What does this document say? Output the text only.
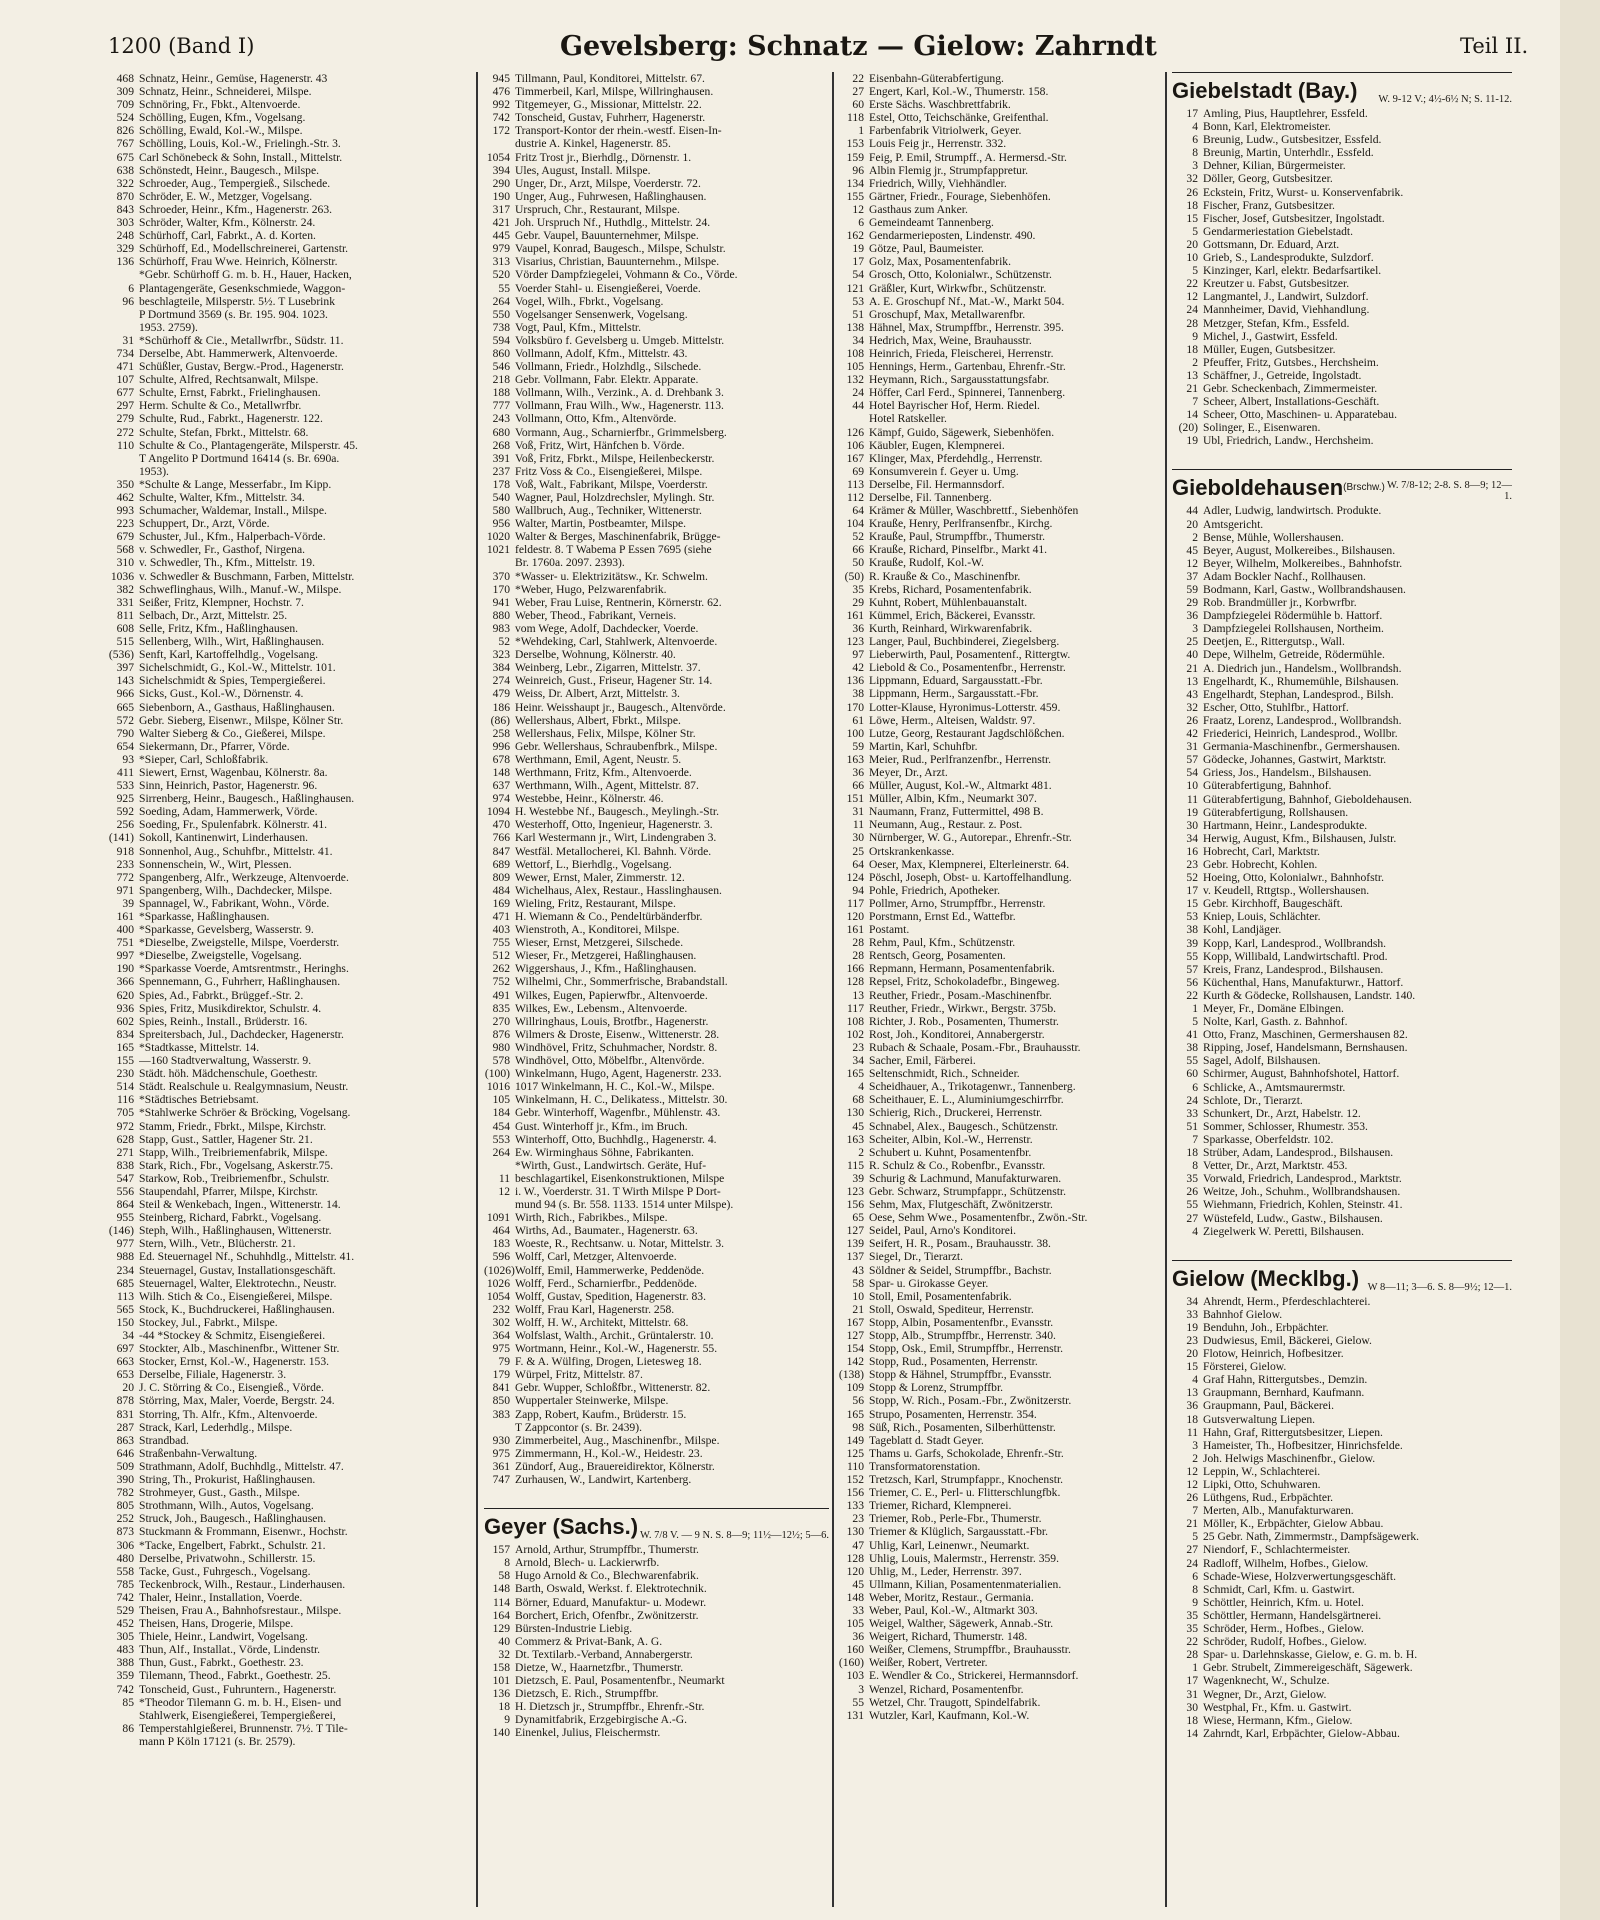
1200 (Band I)	Gevelsberg: Schnatz — Gielow: Zahrndt	Teil II.
468 Schnatz, Heinr., Gemüse, Hagenerstr. 43
309 Schnatz, Heinr., Schneiderei, Milspe.
709 Schnöring, Fr., Fbkt., Altenvoerde.
524 Schölling, Eugen, Kfm., Vogelsang.
826 Schölling, Ewald, Kol.-W., Milspe.
767 Schölling, Louis, Kol.-W., Frielingh.-Str. 3.
675 Carl Schönebeck & Sohn, Install., Mittelstr.
638 Schönstedt, Heinr., Baugesch., Milspe.
322 Schroeder, Aug., Tempergieß., Silschede.
870 Schröder, E. W., Metzger, Vogelsang.
843 Schroeder, Heinr., Kfm., Hagenerstr. 263.
303 Schröder, Walter, Kfm., Kölnerstr. 24.
248 Schürhoff, Carl, Fabrkt., A. d. Korten.
329 Schürhoff, Ed., Modellschreinerei, Gartenstr.
136 Schürhoff, Frau Wwe. Heinrich, Kölnerstr.
*Gebr. Schürhoff G. m. b. H., Hauer, Hacken,
6 Plantagengeräte, Gesenkschmiede, Waggon-
96 beschlagteile, Milsperstr. 5½. T Lusebrink
P Dortmund 3569 (s. Br. 195. 904. 1023.
1953. 2759).
31 *Schürhoff & Cie., Metallwrfbr., Südstr. 11.
734 Derselbe, Abt. Hammerwerk, Altenvoerde.
471 Schüßler, Gustav, Bergw.-Prod., Hagenerstr.
107 Schulte, Alfred, Rechtsanwalt, Milspe.
677 Schulte, Ernst, Fabrkt., Frielinghausen.
297 Herm. Schulte & Co., Metallwrfbr.
279 Schulte, Rud., Fabrkt., Hagenerstr. 122.
272 Schulte, Stefan, Fbrkt., Mittelstr. 68.
110 Schulte & Co., Plantagengeräte, Milsperstr. 45.
T Angelito P Dortmund 16414 (s. Br. 690a.
1953).
350 *Schulte & Lange, Messerfabr., Im Kipp.
462 Schulte, Walter, Kfm., Mittelstr. 34.
993 Schumacher, Waldemar, Install., Milspe.
223 Schuppert, Dr., Arzt, Vörde.
679 Schuster, Jul., Kfm., Halperbach-Vörde.
568 v. Schwedler, Fr., Gasthof, Nirgena.
310 v. Schwedler, Th., Kfm., Mittelstr. 19.
1036 v. Schwedler & Buschmann, Farben, Mittelstr.
382 Schweflinghaus, Wilh., Manuf.-W., Milspe.
331 Seißer, Fritz, Klempner, Hochstr. 7.
811 Selbach, Dr., Arzt, Mittelstr. 25.
608 Selle, Fritz, Kfm., Haßlinghausen.
515 Sellenberg, Wilh., Wirt, Haßlinghausen.
(536) Senft, Karl, Kartoffelhdlg., Vogelsang.
397 Sichelschmidt, G., Kol.-W., Mittelstr. 101.
143 Sichelschmidt & Spies, Tempergießerei.
966 Sicks, Gust., Kol.-W., Dörnenstr. 4.
665 Siebenborn, A., Gasthaus, Haßlinghausen.
572 Gebr. Sieberg, Eisenwr., Milspe, Kölner Str.
790 Walter Sieberg & Co., Gießerei, Milspe.
654 Siekermann, Dr., Pfarrer, Vörde.
93 *Sieper, Carl, Schloßfabrik.
411 Siewert, Ernst, Wagenbau, Kölnerstr. 8a.
533 Sinn, Heinrich, Pastor, Hagenerstr. 96.
925 Sirrenberg, Heinr., Baugesch., Haßlinghausen.
592 Soeding, Adam, Hammerwerk, Vörde.
256 Soeding, Fr., Spulenfabrk. Kölnerstr. 41.
(141) Sokoll, Kantinenwirt, Linderhausen.
918 Sonnenhol, Aug., Schuhfbr., Mittelstr. 41.
233 Sonnenschein, W., Wirt, Plessen.
772 Spangenberg, Alfr., Werkzeuge, Altenvoerde.
971 Spangenberg, Wilh., Dachdecker, Milspe.
39 Spannagel, W., Fabrikant, Wohn., Vörde.
161 *Sparkasse, Haßlinghausen.
400 *Sparkasse, Gevelsberg, Wasserstr. 9.
751 *Dieselbe, Zweigstelle, Milspe, Voerderstr.
997 *Dieselbe, Zweigstelle, Vogelsang.
190 *Sparkasse Voerde, Amtsrentmstr., Heringhs.
366 Spennemann, G., Fuhrherr, Haßlinghausen.
620 Spies, Ad., Fabrkt., Brüggef.-Str. 2.
936 Spies, Fritz, Musikdirektor, Schulstr. 4.
602 Spies, Reinh., Install., Brüderstr. 16.
834 Spreitersbach, Jul., Dachdecker, Hagenerstr.
165 *Stadtkasse, Mittelstr. 14.
155 —160 Stadtverwaltung, Wasserstr. 9.
230 Städt. höh. Mädchenschule, Goethestr.
514 Städt. Realschule u. Realgymnasium, Neustr.
116 *Städtisches Betriebsamt.
705 *Stahlwerke Schröer & Bröcking, Vogelsang.
972 Stamm, Friedr., Fbrkt., Milspe, Kirchstr.
628 Stapp, Gust., Sattler, Hagener Str. 21.
271 Stapp, Wilh., Treibriemenfabrik, Milspe.
838 Stark, Rich., Fbr., Vogelsang, Askerstr.75.
547 Starkow, Rob., Treibriemenfbr., Schulstr.
556 Staupendahl, Pfarrer, Milspe, Kirchstr.
864 Steil & Wenkebach, Ingen., Wittenerstr. 14.
955 Steinberg, Richard, Fabrkt., Vogelsang.
(146) Steph, Wilh., Haßlinghausen, Wittenerstr.
977 Stern, Wilh., Vetr., Blücherstr. 21.
988 Ed. Steuernagel Nf., Schuhhdlg., Mittelstr. 41.
234 Steuernagel, Gustav, Installationsgeschäft.
685 Steuernagel, Walter, Elektrotechn., Neustr.
113 Wilh. Stich & Co., Eisengießerei, Milspe.
565 Stock, K., Buchdruckerei, Haßlinghausen.
150 Stockey, Jul., Fabrkt., Milspe.
34 -44 *Stockey & Schmitz, Eisengießerei.
697 Stockter, Alb., Maschinenfbr., Wittener Str.
663 Stocker, Ernst, Kol.-W., Hagenerstr. 153.
653 Derselbe, Filiale, Hagenerstr. 3.
20 J. C. Störring & Co., Eisengieß., Vörde.
878 Störring, Max, Maler, Voerde, Bergstr. 24.
831 Storring, Th. Alfr., Kfm., Altenvoerde.
287 Strack, Karl, Lederhdlg., Milspe.
863 Strandbad.
646 Straßenbahn-Verwaltung.
509 Strathmann, Adolf, Buchhdlg., Mittelstr. 47.
390 String, Th., Prokurist, Haßlinghausen.
782 Strohmeyer, Gust., Gasth., Milspe.
805 Strothmann, Wilh., Autos, Vogelsang.
252 Struck, Joh., Baugesch., Haßlinghausen.
873 Stuckmann & Frommann, Eisenwr., Hochstr.
306 *Tacke, Engelbert, Fabrkt., Schulstr. 21.
480 Derselbe, Privatwohn., Schillerstr. 15.
558 Tacke, Gust., Fuhrgesch., Vogelsang.
785 Teckenbrock, Wilh., Restaur., Linderhausen.
742 Thaler, Heinr., Installation, Voerde.
529 Theisen, Frau A., Bahnhofsrestaur., Milspe.
452 Theisen, Hans, Drogerie, Milspe.
305 Thiele, Heinr., Landwirt, Vogelsang.
483 Thun, Alf., Installat., Vörde, Lindenstr.
388 Thun, Gust., Fabrkt., Goethestr. 23.
359 Tilemann, Theod., Fabrkt., Goethestr. 25.
742 Tonscheid, Gust., Fuhruntern., Hagenerstr.
85 *Theodor Tilemann G. m. b. H., Eisen- und
Stahlwerk, Eisengießerei, Tempergießerei,
86 Temperstahlgießerei, Brunnenstr. 7½. T Tile-
mann P Köln 17121 (s. Br. 2579).
945 Tillmann, Paul, Konditorei, Mittelstr. 67.
476 Timmerbeil, Karl, Milspe, Willringhausen.
992 Titgemeyer, G., Missionar, Mittelstr. 22.
742 Tonscheid, Gustav, Fuhrherr, Hagenerstr.
172 Transport-Kontor der rhein.-westf. Eisen-In-
dustrie A. Kinkel, Hagenerstr. 85.
1054 Fritz Trost jr., Bierhdlg., Dörnenstr. 1.
394 Ules, August, Install. Milspe.
290 Unger, Dr., Arzt, Milspe, Voerderstr. 72.
190 Unger, Aug., Fuhrwesen, Haßlinghausen.
317 Urspruch, Chr., Restaurant, Milspe.
421 Joh. Urspruch Nf., Huthdlg., Mittelstr. 24.
445 Gebr. Vaupel, Bauunternehmer, Milspe.
979 Vaupel, Konrad, Baugesch., Milspe, Schulstr.
313 Visarius, Christian, Bauunternehm., Milspe.
520 Vörder Dampfziegelei, Vohmann & Co., Vörde.
55 Voerder Stahl- u. Eisengießerei, Voerde.
264 Vogel, Wilh., Fbrkt., Vogelsang.
550 Vogelsanger Sensenwerk, Vogelsang.
738 Vogt, Paul, Kfm., Mittelstr.
594 Volksbüro f. Gevelsberg u. Umgeb. Mittelstr.
860 Vollmann, Adolf, Kfm., Mittelstr. 43.
546 Vollmann, Friedr., Holzhdlg., Silschede.
218 Gebr. Vollmann, Fabr. Elektr. Apparate.
188 Vollmann, Wilh., Verzink., A. d. Drehbank 3.
777 Vollmann, Frau Wilh., Ww., Hagenerstr. 113.
243 Vollmann, Otto, Kfm., Altenvörde.
680 Vormann, Aug., Scharnierfbr., Grimmelsberg.
268 Voß, Fritz, Wirt, Hänfchen b. Vörde.
391 Voß, Fritz, Fbrkt., Milspe, Heilenbeckerstr.
237 Fritz Voss & Co., Eisengießerei, Milspe.
178 Voß, Walt., Fabrikant, Milspe, Voerderstr.
540 Wagner, Paul, Holzdrechsler, Mylingh. Str.
580 Wallbruch, Aug., Techniker, Wittenerstr.
956 Walter, Martin, Postbeamter, Milspe.
1020 Walter & Berges, Maschinenfabrik, Brügge-
1021 feldestr. 8. T Wabema P Essen 7695 (siehe
Br. 1760a. 2097. 2393).
370 *Wasser- u. Elektrizitätsw., Kr. Schwelm.
170 *Weber, Hugo, Pelzwarenfabrik.
941 Weber, Frau Luise, Rentnerin, Körnerstr. 62.
880 Weber, Theod., Fabrikant, Verneis.
983 vom Wege, Adolf, Dachdecker, Voerde.
52 *Wehdeking, Carl, Stahlwerk, Altenvoerde.
323 Derselbe, Wohnung, Kölnerstr. 40.
384 Weinberg, Lebr., Zigarren, Mittelstr. 37.
274 Weinreich, Gust., Friseur, Hagener Str. 14.
479 Weiss, Dr. Albert, Arzt, Mittelstr. 3.
186 Heinr. Weisshaupt jr., Baugesch., Altenvörde.
(86) Wellershaus, Albert, Fbrkt., Milspe.
258 Wellershaus, Felix, Milspe, Kölner Str.
996 Gebr. Wellershaus, Schraubenfbrk., Milspe.
678 Werthmann, Emil, Agent, Neustr. 5.
148 Werthmann, Fritz, Kfm., Altenvoerde.
637 Werthmann, Wilh., Agent, Mittelstr. 87.
974 Westebbe, Heinr., Kölnerstr. 46.
1094 H. Westebbe Nf., Baugesch., Meylingh.-Str.
470 Westerhoff, Otto, Ingenieur, Hagenerstr. 3.
766 Karl Westermann jr., Wirt, Lindengraben 3.
847 Westfäl. Metallocherei, Kl. Bahnh. Vörde.
689 Wettorf, L., Bierhdlg., Vogelsang.
809 Wewer, Ernst, Maler, Zimmerstr. 12.
484 Wichelhaus, Alex, Restaur., Hasslinghausen.
169 Wieling, Fritz, Restaurant, Milspe.
471 H. Wiemann & Co., Pendeltürbänderfbr.
403 Wienstroth, A., Konditorei, Milspe.
755 Wieser, Ernst, Metzgerei, Silschede.
512 Wieser, Fr., Metzgerei, Haßlinghausen.
262 Wiggershaus, J., Kfm., Haßlinghausen.
752 Wilhelmi, Chr., Sommerfrische, Brabandstall.
491 Wilkes, Eugen, Papierwfbr., Altenvoerde.
835 Wilkes, Ew., Lebensm., Altenvoerde.
270 Willringhaus, Louis, Brotfbr., Hagenerstr.
876 Wilmers & Droste, Eisenw., Wittenerstr. 28.
980 Windhövel, Fritz, Schuhmacher, Nordstr. 8.
578 Windhövel, Otto, Möbelfbr., Altenvörde.
(100) Winkelmann, Hugo, Agent, Hagenerstr. 233.
1016 1017 Winkelmann, H. C., Kol.-W., Milspe.
105 Winkelmann, H. C., Delikatess., Mittelstr. 30.
184 Gebr. Winterhoff, Wagenfbr., Mühlenstr. 43.
454 Gust. Winterhoff jr., Kfm., im Bruch.
553 Winterhoff, Otto, Buchhdlg., Hagenerstr. 4.
264 Ew. Wirminghaus Söhne, Fabrikanten.
*Wirth, Gust., Landwirtsch. Geräte, Huf-
11 beschlagartikel, Eisenkonstruktionen, Milspe
12 i. W., Voerderstr. 31. T Wirth Milspe P Dort-
mund 94 (s. Br. 558. 1133. 1514 unter Milspe).
1091 Wirth, Rich., Fabrikbes., Milspe.
464 Wirths, Ad., Baumater., Hagenerstr. 63.
183 Woeste, R., Rechtsanw. u. Notar, Mittelstr. 3.
596 Wolff, Carl, Metzger, Altenvoerde.
(1026) Wolff, Emil, Hammerwerke, Peddenöde.
1026 Wolff, Ferd., Scharnierfbr., Peddenöde.
1054 Wolff, Gustav, Spedition, Hagenerstr. 83.
232 Wolff, Frau Karl, Hagenerstr. 258.
302 Wolff, H. W., Architekt, Mittelstr. 68.
364 Wolfslast, Walth., Archit., Grüntalerstr. 10.
975 Wortmann, Heinr., Kol.-W., Hagenerstr. 55.
79 F. & A. Wülfing, Drogen, Lietesweg 18.
179 Würpel, Fritz, Mittelstr. 87.
841 Gebr. Wupper, Schloßfbr., Wittenerstr. 82.
850 Wuppertaler Steinwerke, Milspe.
383 Zapp, Robert, Kaufm., Brüderstr. 15.
T Zappcontor (s. Br. 2439).
930 Zimmerbeitel, Aug., Maschinenfbr., Milspe.
975 Zimmermann, H., Kol.-W., Heidestr. 23.
361 Zündorf, Aug., Brauereidirektor, Kölnerstr.
747 Zurhausen, W., Landwirt, Kartenberg.
Geyer (Sachs.) W. 7/8 V. — 9 N. S. 8—9; 11½—12½; 5—6.
157 Arnold, Arthur, Strumpffbr., Thumerstr.
8 Arnold, Blech- u. Lackierwrfb.
58 Hugo Arnold & Co., Blechwarenfabrik.
148 Barth, Oswald, Werkst. f. Elektrotechnik.
114 Börner, Eduard, Manufaktur- u. Modewr.
164 Borchert, Erich, Ofenfbr., Zwönitzerstr.
129 Bürsten-Industrie Liebig.
40 Commerz & Privat-Bank, A. G.
32 Dt. Textilarb.-Verband, Annabergerstr.
158 Dietze, W., Haarnetzfbr., Thumerstr.
101 Dietzsch, E. Paul, Posamentenfbr., Neumarkt
136 Dietzsch, E. Rich., Strumpffbr.
18 H. Dietzsch jr., Strumpffbr., Ehrenfr.-Str.
9 Dynamitfabrik, Erzgebirgische A.-G.
140 Einenkel, Julius, Fleischermstr.
22 Eisenbahn-Güterabfertigung.
27 Engert, Karl, Kol.-W., Thumerstr. 158.
60 Erste Sächs. Waschbrettfabrik.
118 Estel, Otto, Teichschänke, Greifenthal.
1 Farbenfabrik Vitriolwerk, Geyer.
153 Louis Feig jr., Herrenstr. 332.
159 Feig, P. Emil, Strumpff., A. Hermersd.-Str.
96 Albin Flemig jr., Strumpfappretur.
134 Friedrich, Willy, Viehhändler.
155 Gärtner, Friedr., Fourage, Siebenhöfen.
12 Gasthaus zum Anker.
6 Gemeindeamt Tannenberg.
162 Gendarmerieposten, Lindenstr. 490.
19 Götze, Paul, Baumeister.
17 Golz, Max, Posamentenfabrik.
54 Grosch, Otto, Kolonialwr., Schützenstr.
121 Gräßler, Kurt, Wirkwfbr., Schützenstr.
53 A. E. Groschupf Nf., Mat.-W., Markt 504.
51 Groschupf, Max, Metallwarenfbr.
138 Hähnel, Max, Strumpffbr., Herrenstr. 395.
34 Hedrich, Max, Weine, Brauhausstr.
108 Heinrich, Frieda, Fleischerei, Herrenstr.
105 Hennings, Herm., Gartenbau, Ehrenfr.-Str.
132 Heymann, Rich., Sargausstattungsfabr.
24 Höffer, Carl Ferd., Spinnerei, Tannenberg.
44 Hotel Bayrischer Hof, Herm. Riedel.
Hotel Ratskeller.
126 Kämpf, Guido, Sägewerk, Siebenhöfen.
106 Käubler, Eugen, Klempnerei.
167 Klinger, Max, Pferdehdlg., Herrenstr.
69 Konsumverein f. Geyer u. Umg.
113 Derselbe, Fil. Hermannsdorf.
112 Derselbe, Fil. Tannenberg.
64 Krämer & Müller, Waschbrettf., Siebenhöfen
104 Krauße, Henry, Perlfransenfbr., Kirchg.
52 Krauße, Paul, Strumpffbr., Thumerstr.
66 Krauße, Richard, Pinselfbr., Markt 41.
50 Krauße, Rudolf, Kol.-W.
(50) R. Krauße & Co., Maschinenfbr.
35 Krebs, Richard, Posamentenfabrik.
29 Kuhnt, Robert, Mühlenbauanstalt.
161 Kümmel, Erich, Bäckerei, Evansstr.
36 Kurth, Reinhard, Wirkwarenfabrik.
123 Langer, Paul, Buchbinderei, Ziegelsberg.
97 Lieberwirth, Paul, Posamentenf., Rittergtw.
42 Liebold & Co., Posamentenfbr., Herrenstr.
136 Lippmann, Eduard, Sargausstatt.-Fbr.
38 Lippmann, Herm., Sargausstatt.-Fbr.
170 Lotter-Klause, Hyronimus-Lotterstr. 459.
61 Löwe, Herm., Alteisen, Waldstr. 97.
100 Lutze, Georg, Restaurant Jagdschlößchen.
59 Martin, Karl, Schuhfbr.
163 Meier, Rud., Perlfranzenfbr., Herrenstr.
36 Meyer, Dr., Arzt.
66 Müller, August, Kol.-W., Altmarkt 481.
151 Müller, Albin, Kfm., Neumarkt 307.
31 Naumann, Franz, Futtermittel, 498 B.
11 Neumann, Aug., Restaur. z. Post.
30 Nürnberger, W. G., Autorepar., Ehrenfr.-Str.
25 Ortskrankenkasse.
64 Oeser, Max, Klempnerei, Elterleinerstr. 64.
124 Pöschl, Joseph, Obst- u. Kartoffelhandlung.
94 Pohle, Friedrich, Apotheker.
117 Pollmer, Arno, Strumpffbr., Herrenstr.
120 Porstmann, Ernst Ed., Wattefbr.
161 Postamt.
28 Rehm, Paul, Kfm., Schützenstr.
28 Rentsch, Georg, Posamenten.
166 Repmann, Hermann, Posamentenfabrik.
128 Repsel, Fritz, Schokoladefbr., Bingeweg.
13 Reuther, Friedr., Posam.-Maschinenfbr.
117 Reuther, Friedr., Wirkwr., Bergstr. 375b.
108 Richter, J. Rob., Posamenten, Thumerstr.
102 Rost, Joh., Konditorei, Annabergerstr.
23 Rubach & Schaale, Posam.-Fbr., Brauhausstr.
34 Sacher, Emil, Färberei.
165 Seltenschmidt, Rich., Schneider.
4 Scheidhauer, A., Trikotagenwr., Tannenberg.
68 Scheithauer, E. L., Aluminiumgeschirrfbr.
130 Schierig, Rich., Druckerei, Herrenstr.
45 Schnabel, Alex., Baugesch., Schützenstr.
163 Scheiter, Albin, Kol.-W., Herrenstr.
2 Schubert u. Kuhnt, Posamentenfbr.
115 R. Schulz & Co., Robenfbr., Evansstr.
39 Schurig & Lachmund, Manufakturwaren.
123 Gebr. Schwarz, Strumpfappr., Schützenstr.
156 Sehm, Max, Flutgeschäft, Zwönitzerstr.
65 Oese, Sehm Wwe., Posamentenfbr., Zwön.-Str.
127 Seidel, Paul, Arno's Konditorei.
139 Seifert, H. R., Posam., Brauhausstr. 38.
137 Siegel, Dr., Tierarzt.
43 Söldner & Seidel, Strumpffbr., Bachstr.
58 Spar- u. Girokasse Geyer.
10 Stoll, Emil, Posamentenfabrik.
21 Stoll, Oswald, Spediteur, Herrenstr.
167 Stopp, Albin, Posamentenfbr., Evansstr.
127 Stopp, Alb., Strumpffbr., Herrenstr. 340.
154 Stopp, Osk., Emil, Strumpffbr., Herrenstr.
142 Stopp, Rud., Posamenten, Herrenstr.
(138) Stopp & Hähnel, Strumpffbr., Evansstr.
109 Stopp & Lorenz, Strumpffbr.
56 Stopp, W. Rich., Posam.-Fbr., Zwönitzerstr.
165 Strupo, Posamenten, Herrenstr. 354.
98 Süß, Rich., Posamenten, Silberhüttenstr.
149 Tageblatt d. Stadt Geyer.
125 Thams u. Garfs, Schokolade, Ehrenfr.-Str.
110 Transformatorenstation.
152 Tretzsch, Karl, Strumpfappr., Knochenstr.
156 Triemer, C. E., Perl- u. Flitterschlungfbk.
133 Triemer, Richard, Klempnerei.
23 Triemer, Rob., Perle-Fbr., Thumerstr.
130 Triemer & Klüglich, Sargausstatt.-Fbr.
47 Uhlig, Karl, Leinenwr., Neumarkt.
128 Uhlig, Louis, Malermstr., Herrenstr. 359.
120 Uhlig, M., Leder, Herrenstr. 397.
45 Ullmann, Kilian, Posamentenmaterialien.
148 Weber, Moritz, Restaur., Germania.
33 Weber, Paul, Kol.-W., Altmarkt 303.
105 Weigel, Walther, Sägewerk, Annab.-Str.
36 Weigert, Richard, Thumerstr. 148.
160 Weißer, Clemens, Strumpffbr., Brauhausstr.
(160) Weißer, Robert, Vertreter.
103 E. Wendler & Co., Strickerei, Hermannsdorf.
3 Wenzel, Richard, Posamentenfbr.
55 Wetzel, Chr. Traugott, Spindelfabrik.
131 Wutzler, Karl, Kaufmann, Kol.-W.
Giebelstadt (Bay.) W. 9-12 V.; 4½-6½ N; S. 11-12.
17 Amling, Pius, Hauptlehrer, Essfeld.
4 Bonn, Karl, Elektromeister.
6 Breunig, Ludw., Gutsbesitzer, Essfeld.
8 Breunig, Martin, Unterhdlr., Essfeld.
3 Dehner, Kilian, Bürgermeister.
32 Döller, Georg, Gutsbesitzer.
26 Eckstein, Fritz, Wurst- u. Konservenfabrik.
18 Fischer, Franz, Gutsbesitzer.
15 Fischer, Josef, Gutsbesitzer, Ingolstadt.
5 Gendarmeriestation Giebelstadt.
20 Gottsmann, Dr. Eduard, Arzt.
10 Grieb, S., Landesprodukte, Sulzdorf.
5 Kinzinger, Karl, elektr. Bedarfsartikel.
22 Kreutzer u. Fabst, Gutsbesitzer.
12 Langmantel, J., Landwirt, Sulzdorf.
24 Mannheimer, David, Viehhandlung.
28 Metzger, Stefan, Kfm., Essfeld.
9 Michel, J., Gastwirt, Essfeld.
18 Müller, Eugen, Gutsbesitzer.
2 Pfeuffer, Fritz, Gutsbes., Herchsheim.
13 Schäffner, J., Getreide, Ingolstadt.
21 Gebr. Scheckenbach, Zimmermeister.
7 Scheer, Albert, Installations-Geschäft.
14 Scheer, Otto, Maschinen- u. Apparatebau.
(20) Solinger, E., Eisenwaren.
19 Ubl, Friedrich, Landw., Herchsheim.
Gieboldehausen (Brschw.) W. 7/8-12; 2-8. S. 8—9; 12—1.
44 Adler, Ludwig, landwirtsch. Produkte.
20 Amtsgericht.
2 Bense, Mühle, Wollershausen.
45 Beyer, August, Molkereibes., Bilshausen.
12 Beyer, Wilhelm, Molkereibes., Bahnhofstr.
37 Adam Bockler Nachf., Rollhausen.
59 Bodmann, Karl, Gastw., Wollbrandshausen.
29 Rob. Brandmüller jr., Korbwrfbr.
36 Dampfziegelei Rödermühle b. Hattorf.
3 Dampfziegelei Rollshausen, Northeim.
25 Deetjen, E., Rittergutsp., Wall.
40 Depe, Wilhelm, Getreide, Rödermühle.
21 A. Diedrich jun., Handelsm., Wollbrandsh.
13 Engelhardt, K., Rhumemühle, Bilshausen.
43 Engelhardt, Stephan, Landesprod., Bilsh.
32 Escher, Otto, Stuhlfbr., Hattorf.
26 Fraatz, Lorenz, Landesprod., Wollbrandsh.
42 Friederici, Heinrich, Landesprod., Wollbr.
31 Germania-Maschinenfbr., Germershausen.
57 Gödecke, Johannes, Gastwirt, Marktstr.
54 Griess, Jos., Handelsm., Bilshausen.
10 Güterabfertigung, Bahnhof.
11 Güterabfertigung, Bahnhof, Gieboldehausen.
19 Güterabfertigung, Rollshausen.
30 Hartmann, Heinr., Landesprodukte.
34 Herwig, August, Kfm., Bilshausen, Julstr.
16 Hobrecht, Carl, Marktstr.
23 Gebr. Hobrecht, Kohlen.
52 Hoeing, Otto, Kolonialwr., Bahnhofstr.
17 v. Keudell, Rttgtsp., Wollershausen.
15 Gebr. Kirchhoff, Baugeschäft.
53 Kniep, Louis, Schlächter.
38 Kohl, Landjäger.
39 Kopp, Karl, Landesprod., Wollbrandsh.
55 Kopp, Willibald, Landwirtschaftl. Prod.
57 Kreis, Franz, Landesprod., Bilshausen.
56 Küchenthal, Hans, Manufakturwr., Hattorf.
22 Kurth & Gödecke, Rollshausen, Landstr. 140.
1 Meyer, Fr., Domäne Elbingen.
5 Nolte, Karl, Gasth. z. Bahnhof.
41 Otto, Franz, Maschinen, Germershausen 82.
38 Ripping, Josef, Handelsmann, Bernshausen.
55 Sagel, Adolf, Bilshausen.
60 Schirmer, August, Bahnhofshotel, Hattorf.
6 Schlicke, A., Amtsmaurermstr.
24 Schlote, Dr., Tierarzt.
33 Schunkert, Dr., Arzt, Habelstr. 12.
51 Sommer, Schlosser, Rhumestr. 353.
7 Sparkasse, Oberfeldstr. 102.
18 Strüber, Adam, Landesprod., Bilshausen.
8 Vetter, Dr., Arzt, Marktstr. 453.
35 Vorwald, Friedrich, Landesprod., Marktstr.
26 Weitze, Joh., Schuhm., Wollbrandshausen.
55 Wiehmann, Friedrich, Kohlen, Steinstr. 41.
27 Wüstefeld, Ludw., Gastw., Bilshausen.
4 Ziegelwerk W. Peretti, Bilshausen.
Gielow (Mecklbg.) W 8—11; 3—6. S. 8—9½; 12—1.
34 Ahrendt, Herm., Pferdeschlachterei.
33 Bahnhof Gielow.
19 Benduhn, Joh., Erbpächter.
23 Dudwiesus, Emil, Bäckerei, Gielow.
20 Flotow, Heinrich, Hofbesitzer.
15 Försterei, Gielow.
4 Graf Hahn, Rittergutsbes., Demzin.
13 Graupmann, Bernhard, Kaufmann.
36 Graupmann, Paul, Bäckerei.
18 Gutsverwaltung Liepen.
11 Hahn, Graf, Rittergutsbesitzer, Liepen.
3 Hameister, Th., Hofbesitzer, Hinrichsfelde.
2 Joh. Helwigs Maschinenfbr., Gielow.
12 Leppin, W., Schlachterei.
12 Lipki, Otto, Schuhwaren.
26 Lüthgens, Rud., Erbpächter.
7 Merten, Alb., Manufakturwaren.
21 Möller, K., Erbpächter, Gielow Abbau.
5 25 Gebr. Nath, Zimmermstr., Dampfsägewerk.
27 Niendorf, F., Schlachtermeister.
24 Radloff, Wilhelm, Hofbes., Gielow.
6 Schade-Wiese, Holzverwertungsgeschäft.
8 Schmidt, Carl, Kfm. u. Gastwirt.
9 Schöttler, Heinrich, Kfm. u. Hotel.
35 Schöttler, Hermann, Handelsgärtnerei.
35 Schröder, Herm., Hofbes., Gielow.
22 Schröder, Rudolf, Hofbes., Gielow.
28 Spar- u. Darlehnskasse, Gielow, e. G. m. b. H.
1 Gebr. Strubelt, Zimmereigeschäft, Sägewerk.
17 Wagenknecht, W., Schulze.
31 Wegner, Dr., Arzt, Gielow.
30 Westphal, Fr., Kfm. u. Gastwirt.
18 Wiese, Hermann, Kfm., Gielow.
14 Zahrndt, Karl, Erbpächter, Gielow-Abbau.
